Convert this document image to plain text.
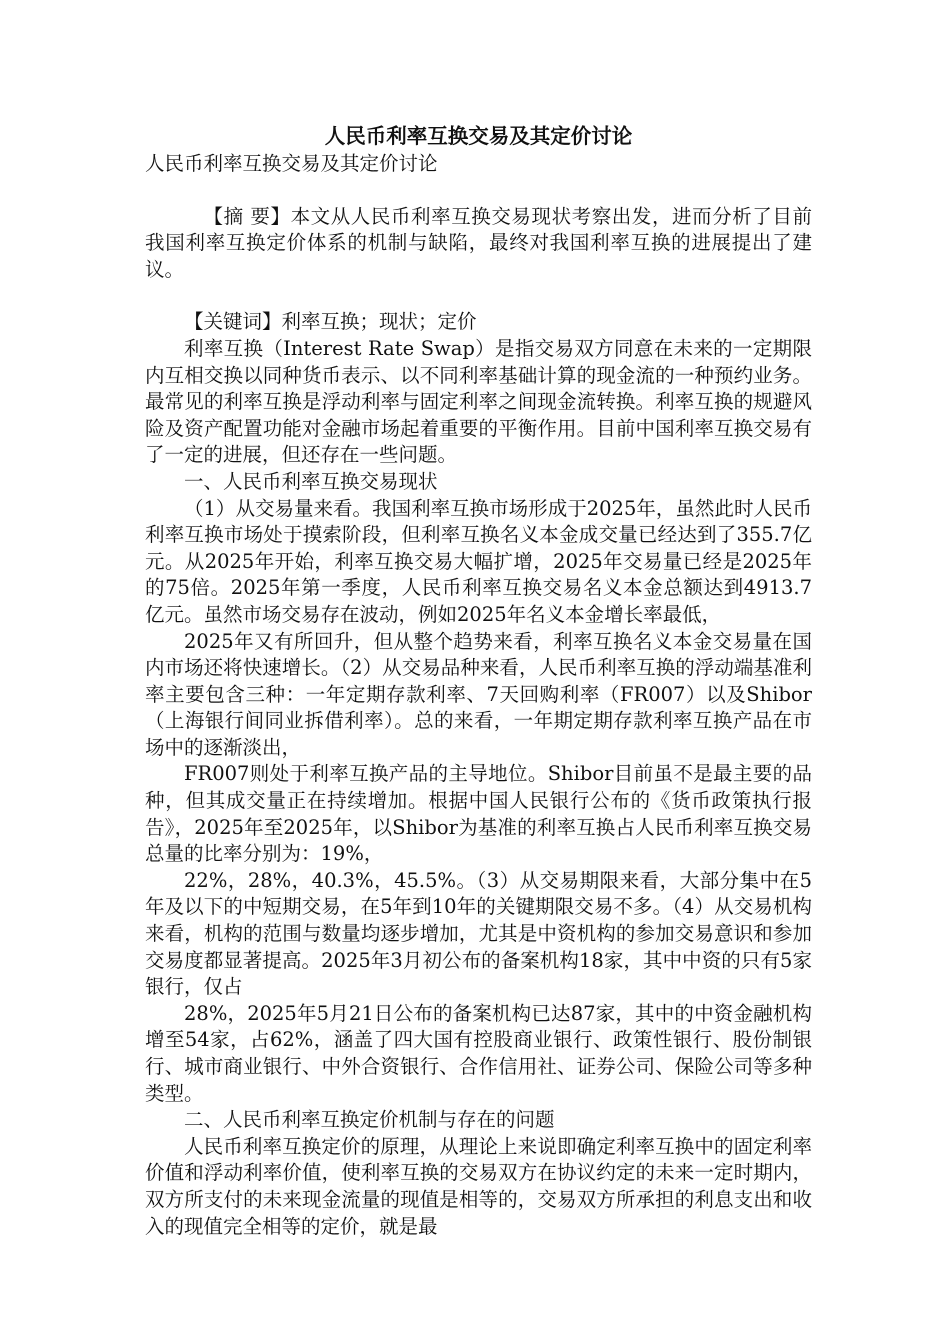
人民币利率互换交易及其定价讨论
人民币利率互换交易及其定价讨论
【摘 要】本文从人民币利率互换交易现状考察出发，进而分析了目前我国利率互换定价体系的机制与缺陷，最终对我国利率互换的进展提出了建议。
【关键词】利率互换；现状；定价
利率互换（Interest Rate Swap）是指交易双方同意在未来的一定期限内互相交换以同种货币表示、以不同利率基础计算的现金流的一种预约业务。最常见的利率互换是浮动利率与固定利率之间现金流转换。利率互换的规避风险及资产配置功能对金融市场起着重要的平衡作用。目前中国利率互换交易有了一定的进展，但还存在一些问题。
一、人民币利率互换交易现状
（1）从交易量来看。我国利率互换市场形成于2025年，虽然此时人民币利率互换市场处于摸索阶段，但利率互换名义本金成交量已经达到了355.7亿元。从2025年开始，利率互换交易大幅扩增，2025年交易量已经是2025年的75倍。2025年第一季度，人民币利率互换交易名义本金总额达到4913.7亿元。虽然市场交易存在波动，例如2025年名义本金增长率最低，
2025年又有所回升，但从整个趋势来看，利率互换名义本金交易量在国内市场还将快速增长。（2）从交易品种来看，人民币利率互换的浮动端基准利率主要包含三种：一年定期存款利率、7天回购利率（FR007）以及Shibor（上海银行间同业拆借利率）。总的来看，一年期定期存款利率互换产品在市场中的逐渐淡出，
FR007则处于利率互换产品的主导地位。Shibor目前虽不是最主要的品种，但其成交量正在持续增加。根据中国人民银行公布的《货币政策执行报告》，2025年至2025年，以Shibor为基准的利率互换占人民币利率互换交易总量的比率分别为：19%，
22%，28%，40.3%，45.5%。（3）从交易期限来看，大部分集中在5年及以下的中短期交易，在5年到10年的关键期限交易不多。（4）从交易机构来看，机构的范围与数量均逐步增加，尤其是中资机构的参加交易意识和参加交易度都显著提高。2025年3月初公布的备案机构18家，其中中资的只有5家银行，仅占
28%，2025年5月21日公布的备案机构已达87家，其中的中资金融机构增至54家，占62%，涵盖了四大国有控股商业银行、政策性银行、股份制银行、城市商业银行、中外合资银行、合作信用社、证券公司、保险公司等多种类型。
二、人民币利率互换定价机制与存在的问题
人民币利率互换定价的原理，从理论上来说即确定利率互换中的固定利率价值和浮动利率价值，使利率互换的交易双方在协议约定的未来一定时期内，双方所支付的未来现金流量的现值是相等的，交易双方所承担的利息支出和收入的现值完全相等的定价，就是最
